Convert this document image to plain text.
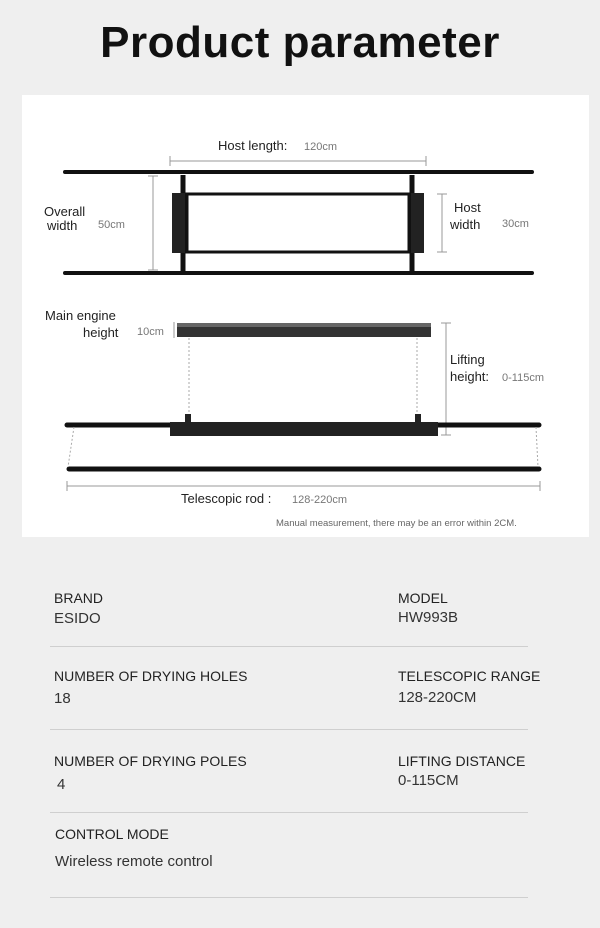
Product parameter
Host length: 120cm
Overall
width 50cm
Host
width 30cm
Main engine
height 10cm
Lifting
height: 0-115cm
Telescopic rod : 128-220cm
Manual measurement, there may be an error within 2CM.
BRAND
ESIDO
MODEL
HW993B
NUMBER OF DRYING HOLES
18
TELESCOPIC RANGE
128-220CM
NUMBER OF DRYING POLES
4
LIFTING DISTANCE
0-115CM
CONTROL MODE
Wireless remote control
